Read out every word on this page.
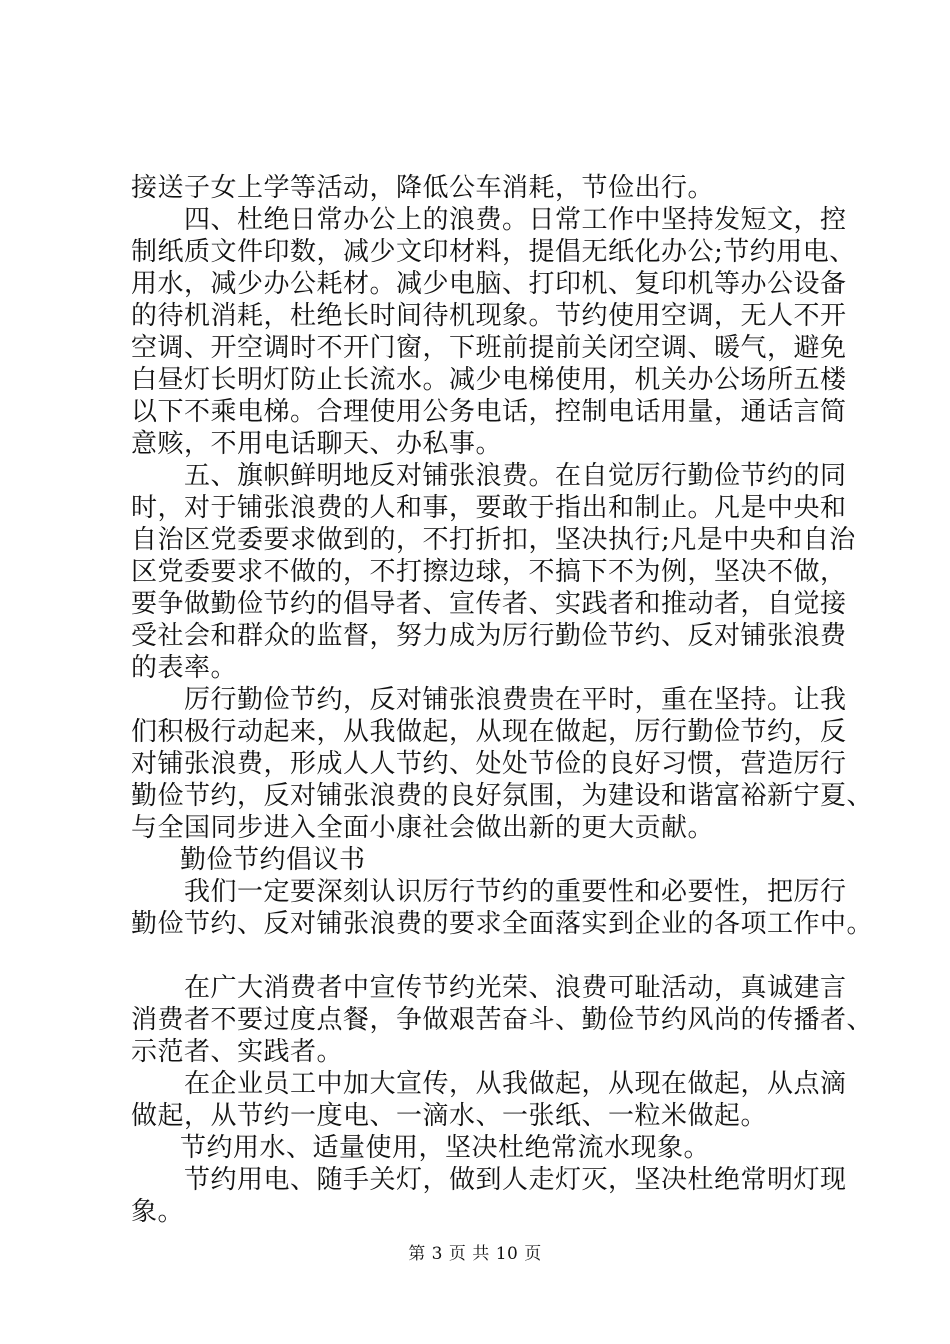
接送子女上学等活动，降低公车消耗，节俭出行。
四、杜绝日常办公上的浪费。日常工作中坚持发短文，控
制纸质文件印数，减少文印材料，提倡无纸化办公;节约用电、
用水，减少办公耗材。减少电脑、打印机、复印机等办公设备
的待机消耗，杜绝长时间待机现象。节约使用空调，无人不开
空调、开空调时不开门窗，下班前提前关闭空调、暖气，避免
白昼灯长明灯防止长流水。减少电梯使用，机关办公场所五楼
以下不乘电梯。合理使用公务电话，控制电话用量，通话言简
意赅，不用电话聊天、办私事。
五、旗帜鲜明地反对铺张浪费。在自觉厉行勤俭节约的同
时，对于铺张浪费的人和事，要敢于指出和制止。凡是中央和
自治区党委要求做到的，不打折扣，坚决执行;凡是中央和自治
区党委要求不做的，不打擦边球，不搞下不为例，坚决不做，
要争做勤俭节约的倡导者、宣传者、实践者和推动者，自觉接
受社会和群众的监督，努力成为厉行勤俭节约、反对铺张浪费
的表率。
厉行勤俭节约，反对铺张浪费贵在平时，重在坚持。让我
们积极行动起来，从我做起，从现在做起，厉行勤俭节约，反
对铺张浪费，形成人人节约、处处节俭的良好习惯，营造厉行
勤俭节约，反对铺张浪费的良好氛围，为建设和谐富裕新宁夏、
与全国同步进入全面小康社会做出新的更大贡献。
勤俭节约倡议书
我们一定要深刻认识厉行节约的重要性和必要性，把厉行
勤俭节约、反对铺张浪费的要求全面落实到企业的各项工作中。
在广大消费者中宣传节约光荣、浪费可耻活动，真诚建言
消费者不要过度点餐，争做艰苦奋斗、勤俭节约风尚的传播者、
示范者、实践者。
在企业员工中加大宣传，从我做起，从现在做起，从点滴
做起，从节约一度电、一滴水、一张纸、一粒米做起。
节约用水、适量使用，坚决杜绝常流水现象。
节约用电、随手关灯，做到人走灯灭，坚决杜绝常明灯现
象。
第 3 页 共 10 页
